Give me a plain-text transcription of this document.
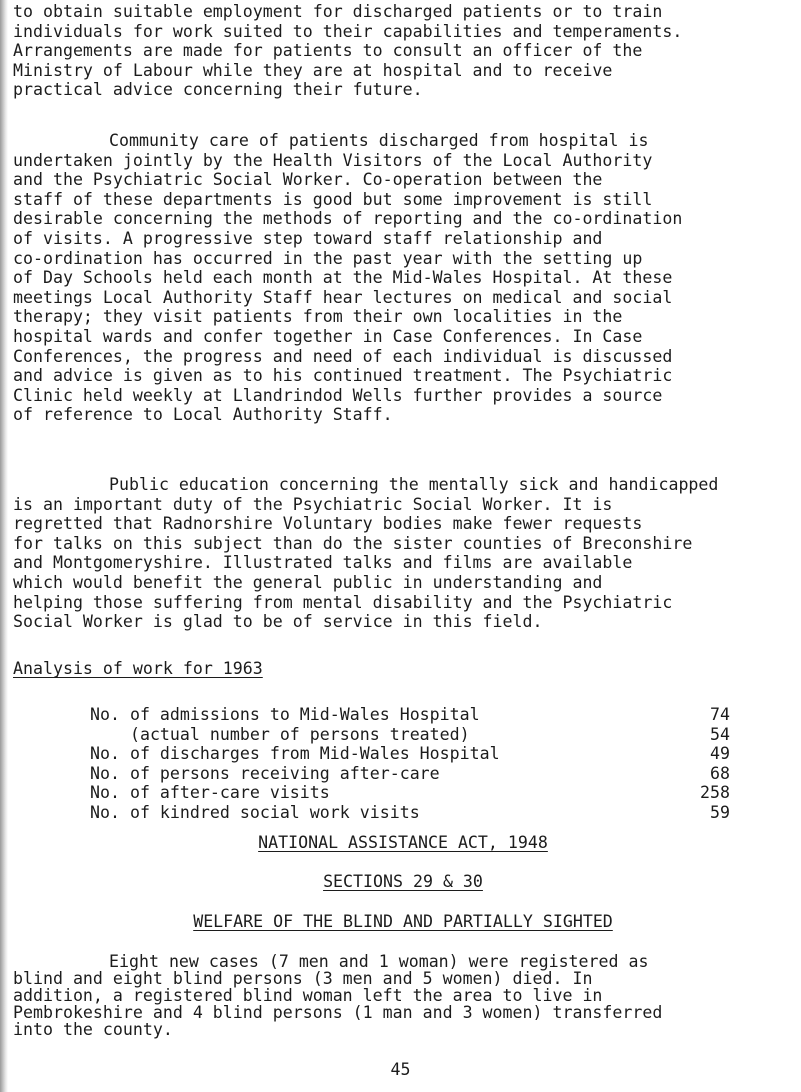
to obtain suitable employment for discharged patients or to train
individuals for work suited to their capabilities and temperaments.
Arrangements are made for patients to consult an officer of the
Ministry of Labour while they are at hospital and to receive
practical advice concerning their future.
Community care of patients discharged from hospital is
undertaken jointly by the Health Visitors of the Local Authority
and the Psychiatric Social Worker. Co-operation between the
staff of these departments is good but some improvement is still
desirable concerning the methods of reporting and the co-ordination
of visits. A progressive step toward staff relationship and
co-ordination has occurred in the past year with the setting up
of Day Schools held each month at the Mid-Wales Hospital. At these
meetings Local Authority Staff hear lectures on medical and social
therapy; they visit patients from their own localities in the
hospital wards and confer together in Case Conferences. In Case
Conferences, the progress and need of each individual is discussed
and advice is given as to his continued treatment. The Psychiatric
Clinic held weekly at Llandrindod Wells further provides a source
of reference to Local Authority Staff.
Public education concerning the mentally sick and handicapped
is an important duty of the Psychiatric Social Worker. It is
regretted that Radnorshire Voluntary bodies make fewer requests
for talks on this subject than do the sister counties of Breconshire
and Montgomeryshire. Illustrated talks and films are available
which would benefit the general public in understanding and
helping those suffering from mental disability and the Psychiatric
Social Worker is glad to be of service in this field.
Analysis of work for 1963
No. of admissions to Mid-Wales Hospital	74
(actual number of persons treated)	54
No. of discharges from Mid-Wales Hospital	49
No. of persons receiving after-care	68
No. of after-care visits	258
No. of kindred social work visits	59
NATIONAL ASSISTANCE ACT, 1948
SECTIONS 29 & 30
WELFARE OF THE BLIND AND PARTIALLY SIGHTED
Eight new cases (7 men and 1 woman) were registered as
blind and eight blind persons (3 men and 5 women) died. In
addition, a registered blind woman left the area to live in
Pembrokeshire and 4 blind persons (1 man and 3 women) transferred
into the county.
45
